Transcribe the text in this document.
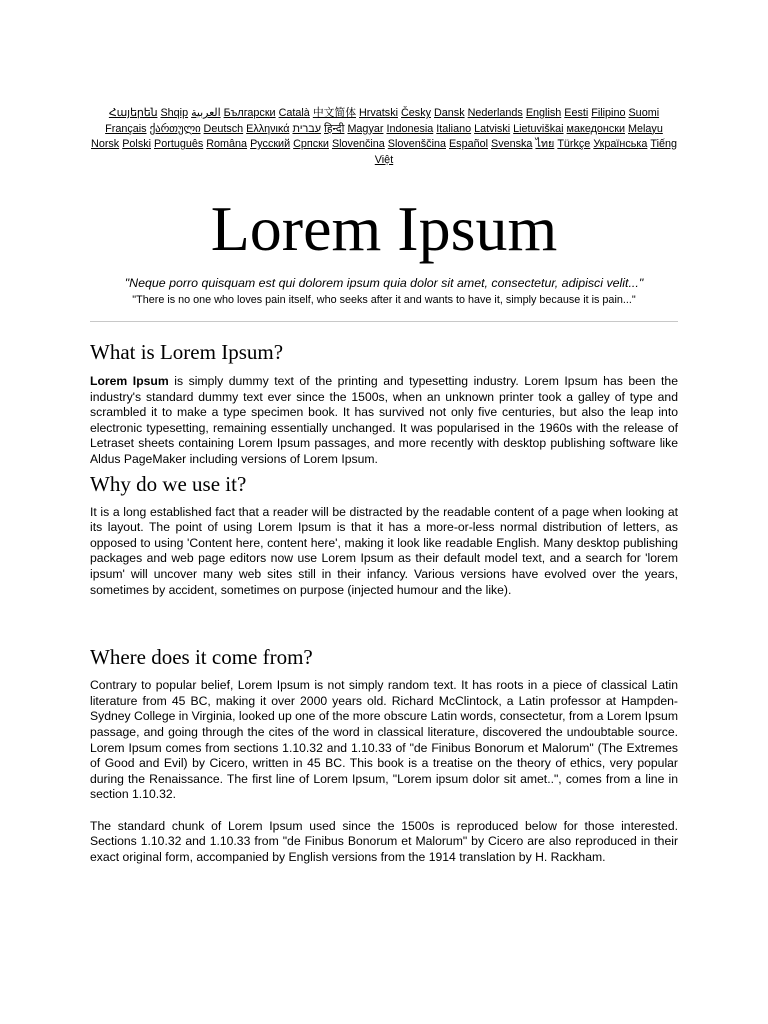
Հայերեն Shqip العربية Български Català 中文简体 Hrvatski Česky Dansk Nederlands English Eesti Filipino Suomi Français ქართული Deutsch Ελληνικά עברית हिन्दी Magyar Indonesia Italiano Latviski Lietuviškai македонски Melayu Norsk Polski Português Româna Pусский Српски Slovenčina Slovenščina Español Svenska ไทย Türkçe Українська Tiếng Việt
Lorem Ipsum
"Neque porro quisquam est qui dolorem ipsum quia dolor sit amet, consectetur, adipisci velit..."
"There is no one who loves pain itself, who seeks after it and wants to have it, simply because it is pain..."
What is Lorem Ipsum?

Lorem Ipsum is simply dummy text of the printing and typesetting industry. Lorem Ipsum has been the industry's standard dummy text ever since the 1500s, when an unknown printer took a galley of type and scrambled it to make a type specimen book. It has survived not only five centuries, but also the leap into electronic typesetting, remaining essentially unchanged. It was popularised in the 1960s with the release of Letraset sheets containing Lorem Ipsum passages, and more recently with desktop publishing software like Aldus PageMaker including versions of Lorem Ipsum.

Why do we use it?

It is a long established fact that a reader will be distracted by the readable content of a page when looking at its layout. The point of using Lorem Ipsum is that it has a more-or-less normal distribution of letters, as opposed to using 'Content here, content here', making it look like readable English. Many desktop publishing packages and web page editors now use Lorem Ipsum as their default model text, and a search for 'lorem ipsum' will uncover many web sites still in their infancy. Various versions have evolved over the years, sometimes by accident, sometimes on purpose (injected humour and the like).

Where does it come from?

Contrary to popular belief, Lorem Ipsum is not simply random text. It has roots in a piece of classical Latin literature from 45 BC, making it over 2000 years old. Richard McClintock, a Latin professor at Hampden-Sydney College in Virginia, looked up one of the more obscure Latin words, consectetur, from a Lorem Ipsum passage, and going through the cites of the word in classical literature, discovered the undoubtable source. Lorem Ipsum comes from sections 1.10.32 and 1.10.33 of "de Finibus Bonorum et Malorum" (The Extremes of Good and Evil) by Cicero, written in 45 BC. This book is a treatise on the theory of ethics, very popular during the Renaissance. The first line of Lorem Ipsum, "Lorem ipsum dolor sit amet..", comes from a line in section 1.10.32.

The standard chunk of Lorem Ipsum used since the 1500s is reproduced below for those interested. Sections 1.10.32 and 1.10.33 from "de Finibus Bonorum et Malorum" by Cicero are also reproduced in their exact original form, accompanied by English versions from the 1914 translation by H. Rackham.
